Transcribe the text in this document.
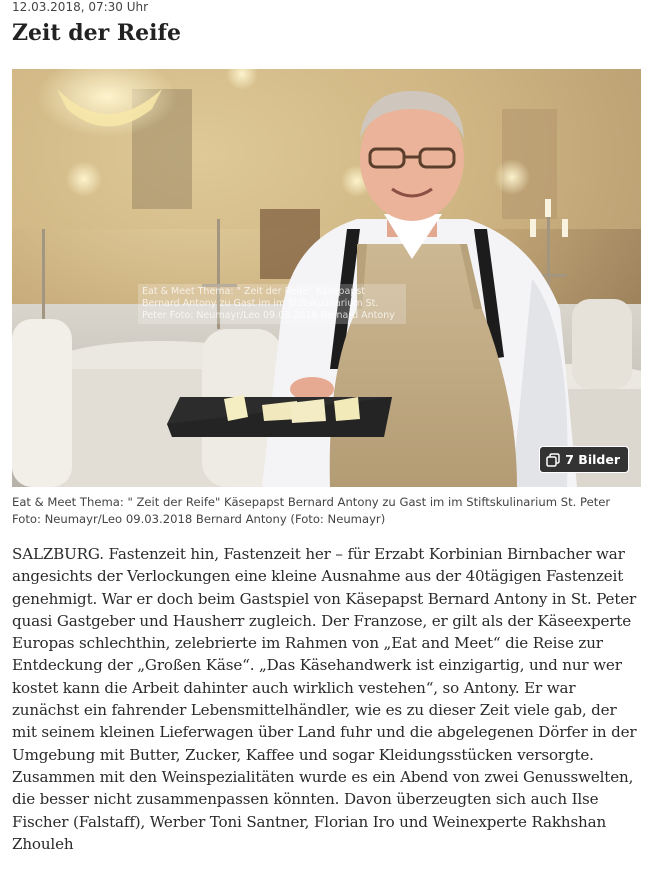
12.03.2018, 07:30 Uhr
Zeit der Reife
Eat & Meet Thema: " Zeit der Reife" Käsepapst Bernard Antony zu Gast im im Stiftskulinarium St. Peter Foto: Neumayr/Leo 09.03.2018 Bernard Antony
7 Bilder

Eat & Meet Thema: " Zeit der Reife" Käsepapst Bernard Antony zu Gast im im Stiftskulinarium St. Peter Foto: Neumayr/Leo 09.03.2018 Bernard Antony (Foto: Neumayr)

SALZBURG. Fastenzeit hin, Fastenzeit her – für Erzabt Korbinian Birnbacher war angesichts der Verlockungen eine kleine Ausnahme aus der 40tägigen Fastenzeit genehmigt. War er doch beim Gastspiel von Käsepapst Bernard Antony in St. Peter quasi Gastgeber und Hausherr zugleich. Der Franzose, er gilt als der Käseexperte Europas schlechthin, zelebrierte im Rahmen von „Eat and Meet“ die Reise zur Entdeckung der „Großen Käse“. „Das Käsehandwerk ist einzigartig, und nur wer kostet kann die Arbeit dahinter auch wirklich vestehen“, so Antony. Er war zunächst ein fahrender Lebensmittelhändler, wie es zu dieser Zeit viele gab, der mit seinem kleinen Lieferwagen über Land fuhr und die abgelegenen Dörfer in der Umgebung mit Butter, Zucker, Kaffee und sogar Kleidungsstücken versorgte. Zusammen mit den Weinspezialitäten wurde es ein Abend von zwei Genusswelten, die besser nicht zusammenpassen könnten. Davon überzeugten sich auch Ilse Fischer (Falstaff), Werber Toni Santner, Florian Iro und Weinexperte Rakhshan Zhouleh
